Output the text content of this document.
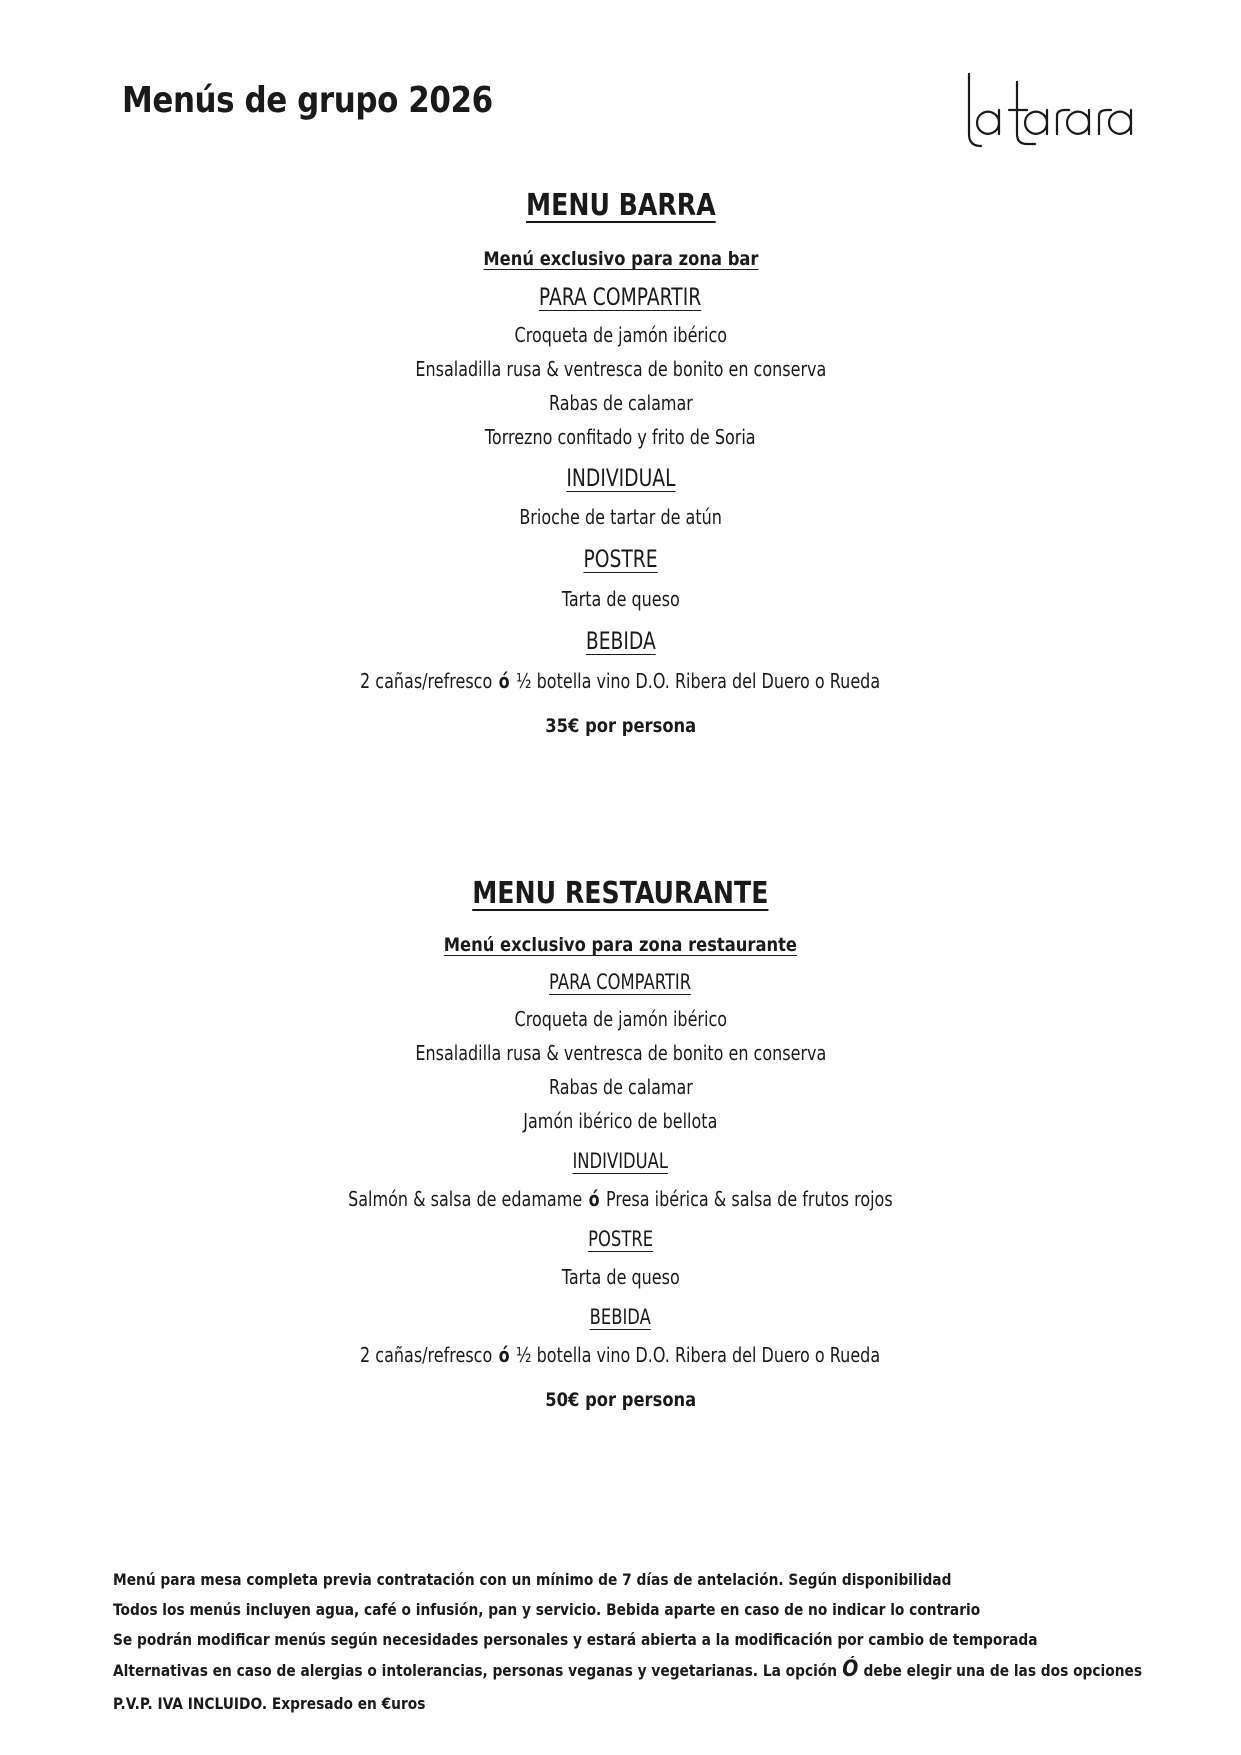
Menús de grupo 2026
MENU BARRA
Menú exclusivo para zona bar
PARA COMPARTIR
Croqueta de jamón ibérico
Ensaladilla rusa & ventresca de bonito en conserva
Rabas de calamar
Torrezno confitado y frito de Soria
INDIVIDUAL
Brioche de tartar de atún
POSTRE
Tarta de queso
BEBIDA
2 cañas/refresco ó ½ botella vino D.O. Ribera del Duero o Rueda
35€ por persona
MENU RESTAURANTE
Menú exclusivo para zona restaurante
PARA COMPARTIR
Croqueta de jamón ibérico
Ensaladilla rusa & ventresca de bonito en conserva
Rabas de calamar
Jamón ibérico de bellota
INDIVIDUAL
Salmón & salsa de edamame ó Presa ibérica & salsa de frutos rojos
POSTRE
Tarta de queso
BEBIDA
2 cañas/refresco ó ½ botella vino D.O. Ribera del Duero o Rueda
50€ por persona
Menú para mesa completa previa contratación con un mínimo de 7 días de antelación. Según disponibilidad
Todos los menús incluyen agua, café o infusión, pan y servicio. Bebida aparte en caso de no indicar lo contrario
Se podrán modificar menús según necesidades personales y estará abierta a la modificación por cambio de temporada
Alternativas en caso de alergias o intolerancias, personas veganas y vegetarianas. La opción Ó debe elegir una de las dos opciones
P.V.P. IVA INCLUIDO. Expresado en €uros
